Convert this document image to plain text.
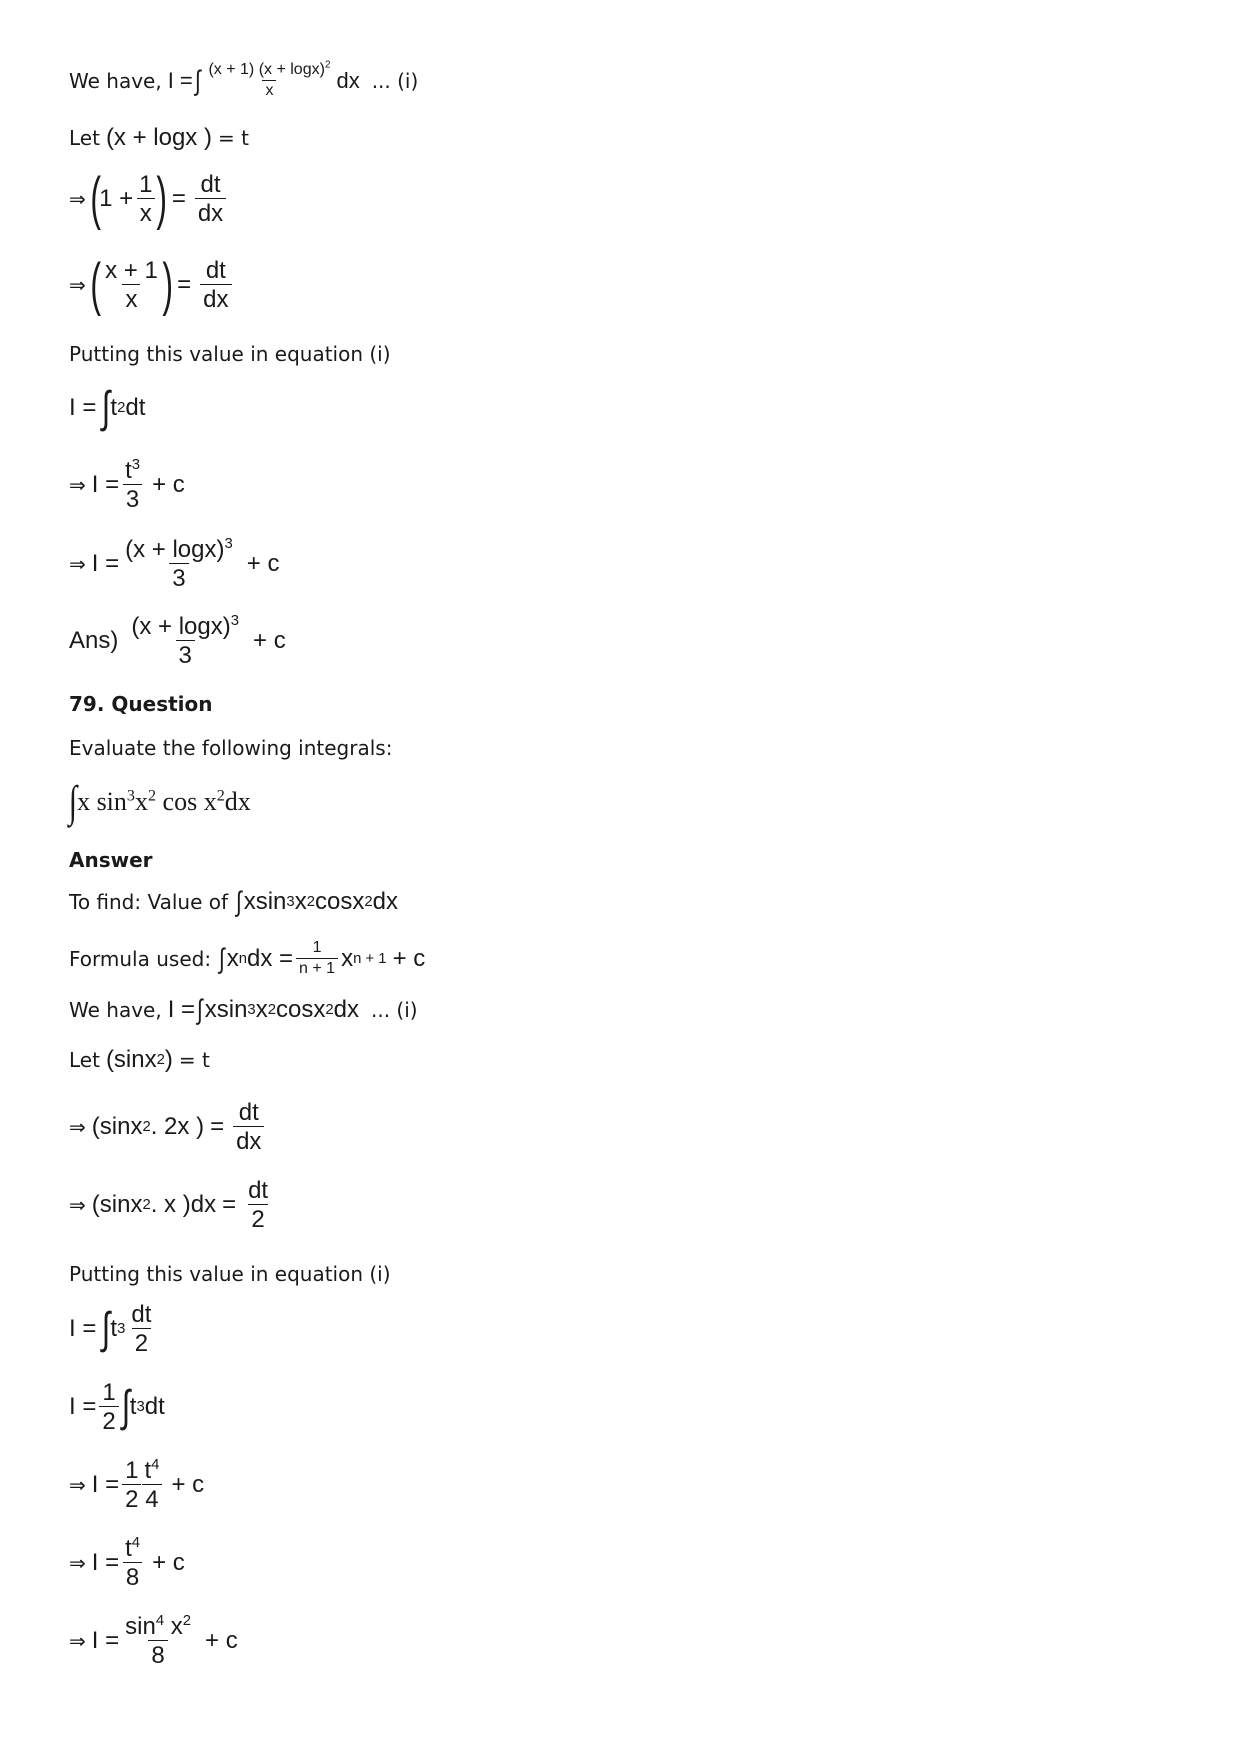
We have, I = ∫ $\frac{(x + 1) (x + \log x)^2}{x}$ dx ... (i)
Let (x + logx ) = t
⇒ (
$1 + \frac{1}{x}$ ) = $\frac{dt}{dx}$
⇒ ( $\frac{x + 1}{x}$ ) = $\frac{dt}{dx}$
Putting this value in equation (i)
I = ∫ t 2 dt
⇒ $I = \frac{t^3}{3} + c$
⇒ $I = \frac{(x + \log x)^3}{3} + c$
$Ans) \frac{(x + \log x)^3}{3} + c$
79. Question
Evaluate the following integrals:
∫ x $\sin^3x^2$ $\cos x^2dx$
Answer
To find: Value of ∫ xsin 3 x 2 cosx 2 dx
Formula used: ∫ x n dx = $\frac{1}{n + 1}$ x n + 1 + c
We have, I = ∫ xsin 3 x 2 cosx 2 dx ... (i)
Let (sinx 2 ) = t
⇒ (sinx 2 . 2x ) = $\frac{dt}{dx}$
⇒ (sinx 2 . x )$dx = \frac{dt}{2}$
Putting this value in equation (i)
I = ∫ t $3 \frac{dt}{2}$
$I = \frac{1}{2}$ ∫ t 3 dt
⇒ $I = \frac{1}{2} \frac{t^4}{4} + c$
⇒ $I = \frac{t^4}{8} + c$
⇒ $I = \frac{\sin^4 x^2}{8} + c$
